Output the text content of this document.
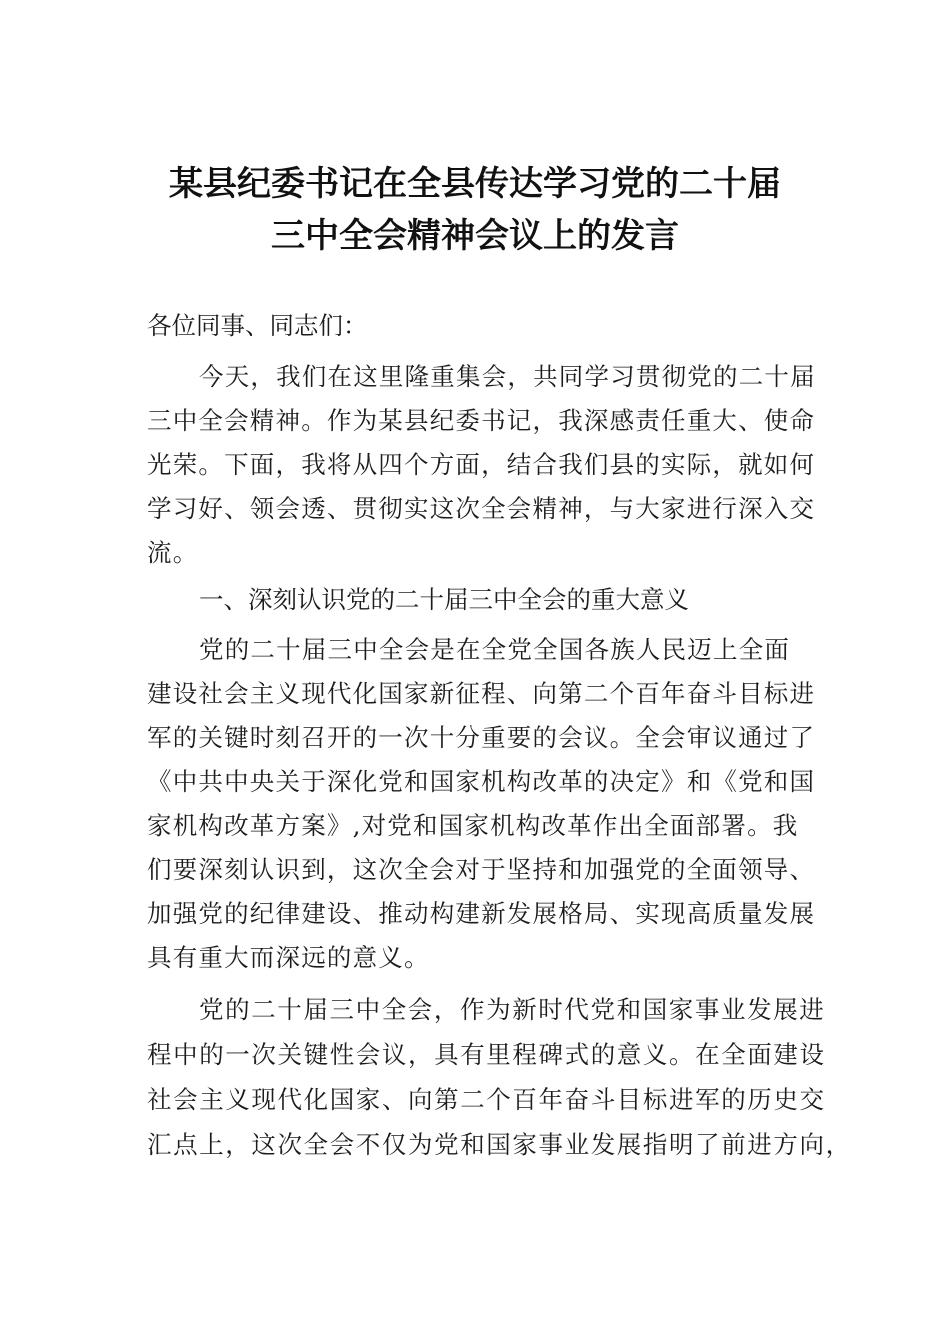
某县纪委书记在全县传达学习党的二十届
三中全会精神会议上的发言

各位同事、同志们：

今天，我们在这里隆重集会，共同学习贯彻党的二十届
三中全会精神。作为某县纪委书记，我深感责任重大、使命
光荣。下面，我将从四个方面，结合我们县的实际，就如何
学习好、领会透、贯彻实这次全会精神，与大家进行深入交
流。

一、深刻认识党的二十届三中全会的重大意义

党的二十届三中全会是在全党全国各族人民迈上全面
建设社会主义现代化国家新征程、向第二个百年奋斗目标进
军的关键时刻召开的一次十分重要的会议。全会审议通过了
《中共中央关于深化党和国家机构改革的决定》和《党和国
家机构改革方案》,对党和国家机构改革作出全面部署。我
们要深刻认识到，这次全会对于坚持和加强党的全面领导、
加强党的纪律建设、推动构建新发展格局、实现高质量发展
具有重大而深远的意义。
党的二十届三中全会，作为新时代党和国家事业发展进
程中的一次关键性会议，具有里程碑式的意义。在全面建设
社会主义现代化国家、向第二个百年奋斗目标进军的历史交
汇点上，这次全会不仅为党和国家事业发展指明了前进方向，
